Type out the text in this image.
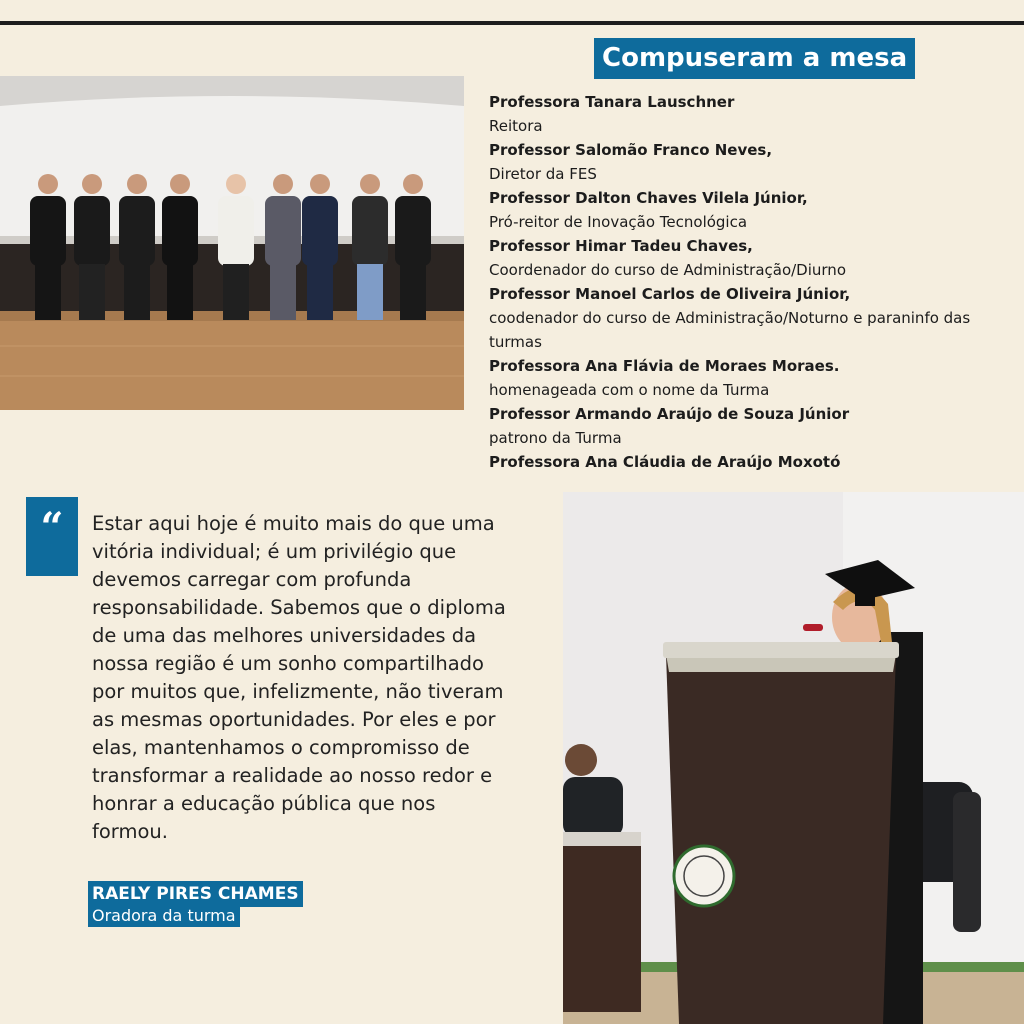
Compuseram a mesa
Professora Tanara Lauschner
Reitora
Professor Salomão Franco Neves,
Diretor da FES
Professor Dalton Chaves Vilela Júnior,
Pró-reitor de Inovação Tecnológica
Professor Himar Tadeu Chaves,
Coordenador do curso de Administração/Diurno
Professor Manoel Carlos de Oliveira Júnior,
coodenador do curso de Administração/Noturno e paraninfo das turmas
Professora Ana Flávia de Moraes Moraes.
homenageada com o nome da Turma
Professor Armando Araújo de Souza Júnior
patrono da Turma
Professora Ana Cláudia de Araújo Moxotó
“	Estar aqui hoje é muito mais do que uma vitória individual; é um privilégio que devemos carregar com profunda responsabilidade. Sabemos que o diploma de uma das melhores universidades da nossa região é um sonho compartilhado por muitos que, infelizmente, não tiveram as mesmas oportunidades. Por eles e por elas, mantenhamos o compromisso de transformar a realidade ao nosso redor e honrar a educação pública que nos formou.
RAELY PIRES CHAMES
Oradora da turma
